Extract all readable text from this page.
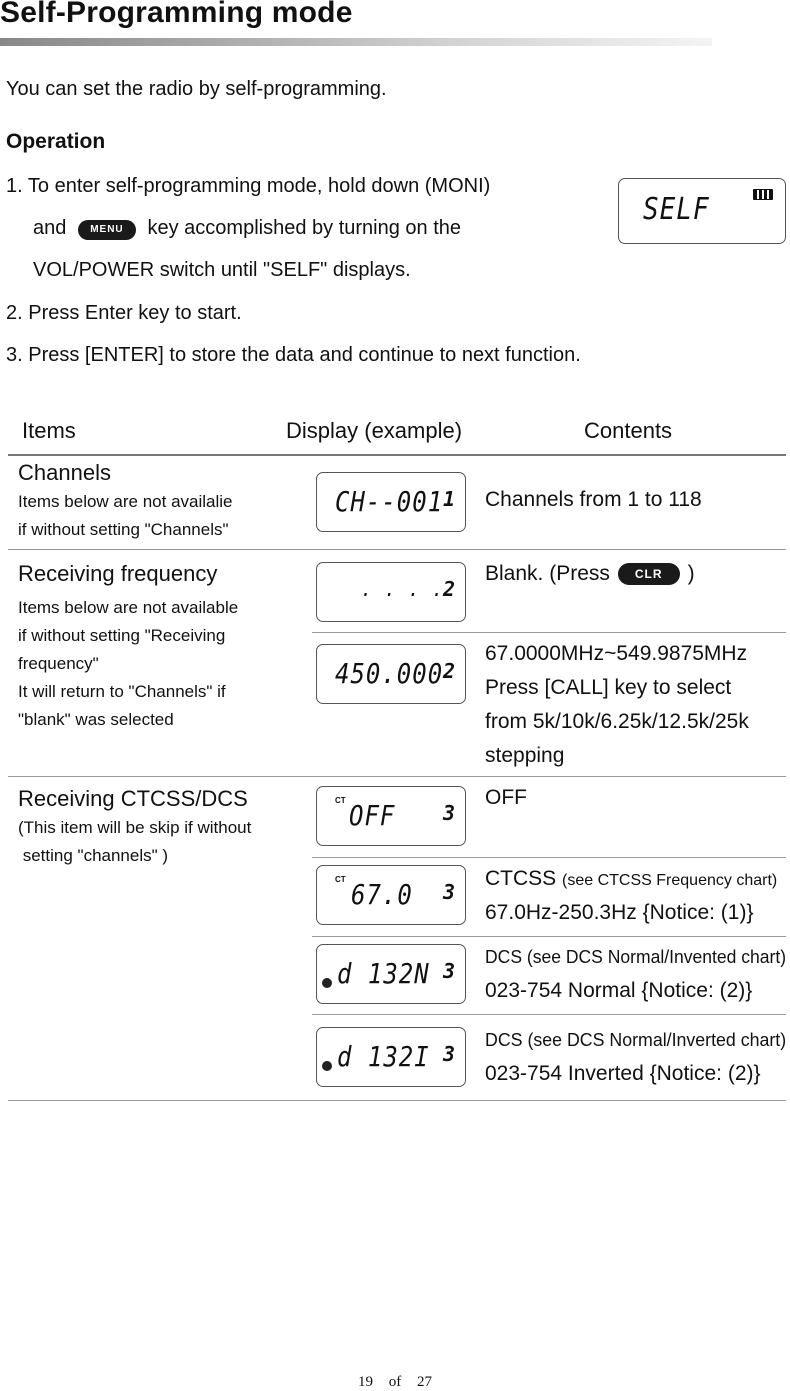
Self-Programming mode
You can set the radio by self-programming.
Operation
1. To enter self-programming mode, hold down (MONI)
and MENU key accomplished by turning on the
VOL/POWER switch until "SELF" displays.
2. Press Enter key to start.
3. Press [ENTER] to store the data and continue to next function.
SELF
Items	Display (example)	Contents
Channels
Items below are not availalie
if without setting "Channels"
CH--001 1 Channels from 1 to 118
Receiving frequency
Items below are not available
if without setting "Receiving
frequency"
It will return to "Channels" if
"blank" was selected
. . . . 2
Blank. (Press CLR )
450.000 2
67.0000MHz~549.9875MHz
Press [CALL] key to select
from 5k/10k/6.25k/12.5k/25k
stepping
Receiving CTCSS/DCS
(This item will be skip if without
setting "channels" )
CT OFF 3
OFF
CT 67.0 3
CTCSS (see CTCSS Frequency chart)
67.0Hz-250.3Hz {Notice: (1)}
d 132N 3
DCS (see DCS Normal/Invented chart)
023-754 Normal {Notice: (2)}
d 132I 3
DCS (see DCS Normal/Inverted chart)
023-754 Inverted {Notice: (2)}
19 of 27
